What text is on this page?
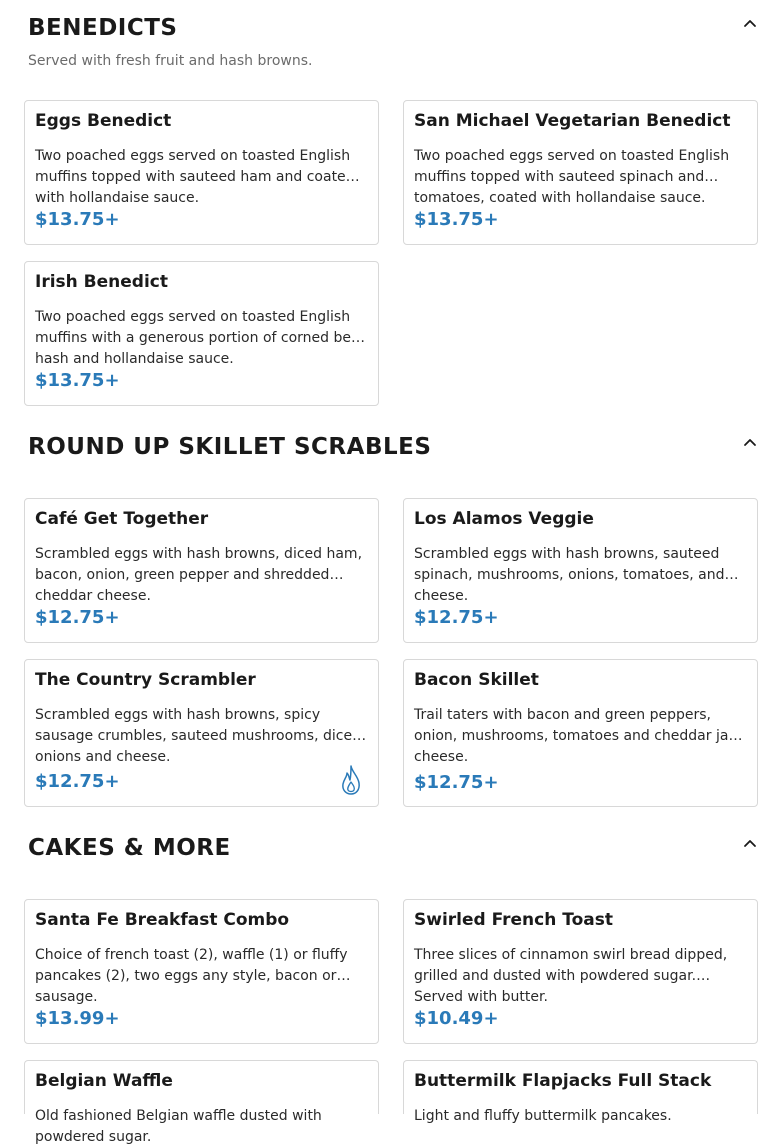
BENEDICTS
Served with fresh fruit and hash browns.
Eggs Benedict
Two poached eggs served on toasted English muffins topped with sauteed ham and coated with hollandaise sauce.
$13.75+
San Michael Vegetarian Benedict
Two poached eggs served on toasted English muffins topped with sauteed spinach and tomatoes, coated with hollandaise sauce.
$13.75+
Irish Benedict
Two poached eggs served on toasted English muffins with a generous portion of corned beef hash and hollandaise sauce.
$13.75+
ROUND UP SKILLET SCRABLES
Café Get Together
Scrambled eggs with hash browns, diced ham, bacon, onion, green pepper and shredded cheddar cheese.
$12.75+
Los Alamos Veggie
Scrambled eggs with hash browns, sauteed spinach, mushrooms, onions, tomatoes, and cheese.
$12.75+
The Country Scrambler
Scrambled eggs with hash browns, spicy sausage crumbles, sauteed mushrooms, diced onions and cheese.
$12.75+
Bacon Skillet
Trail taters with bacon and green peppers, onion, mushrooms, tomatoes and cheddar jack cheese.
$12.75+
CAKES & MORE
Santa Fe Breakfast Combo
Choice of french toast (2), waffle (1) or fluffy pancakes (2), two eggs any style, bacon or sausage.
$13.99+
Swirled French Toast
Three slices of cinnamon swirl bread dipped, grilled and dusted with powdered sugar. Served with butter.
$10.49+
Belgian Waffle
Old fashioned Belgian waffle dusted with powdered sugar.
Buttermilk Flapjacks Full Stack
Light and fluffy buttermilk pancakes.
